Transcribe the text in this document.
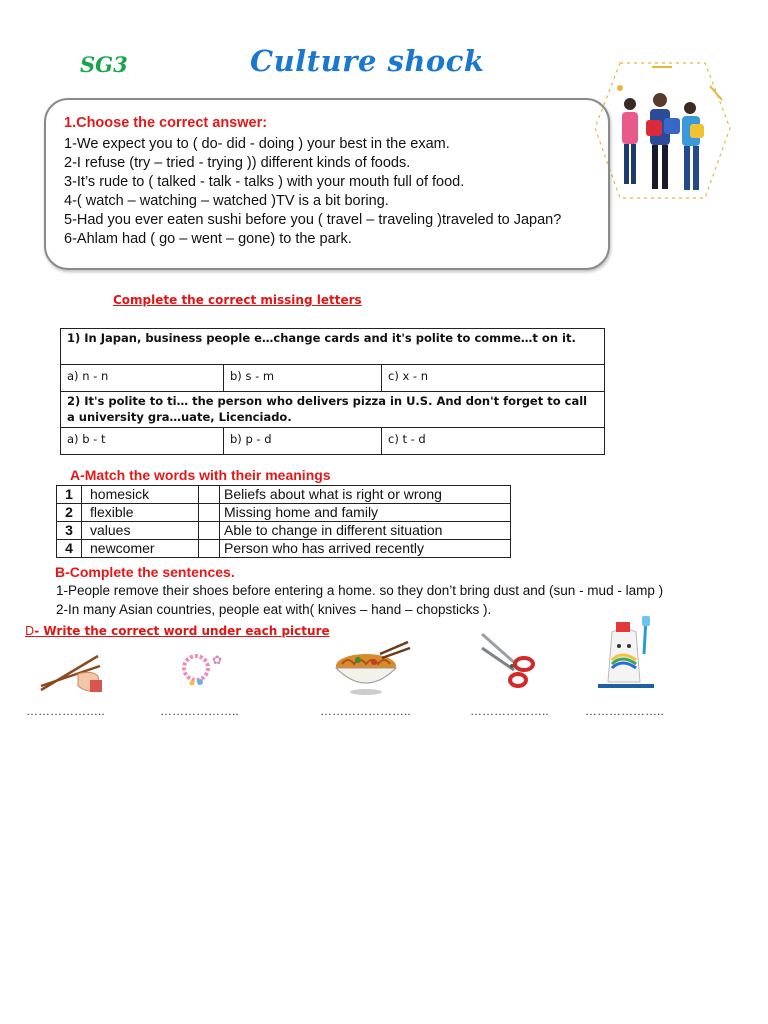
SG3	Culture shock
1.Choose the correct answer:
1-We expect you to ( do- did - doing ) your best in the exam.
2-I refuse (try – tried - trying )) different kinds of foods.
3-It’s rude to ( talked - talk - talks ) with your mouth full of food.
4-( watch – watching – watched )TV is a bit boring.
5-Had you ever eaten sushi before you ( travel – traveling )traveled to Japan?
6-Ahlam had ( go – went – gone) to the park.
Complete the correct missing letters
1) In Japan, business people e…change cards and it's polite to comme…t on it.		
a) n - n	b) s - m	c) x - n
2) It's polite to ti… the person who delivers pizza in U.S. And don't forget to call a university gra…uate, Licenciado.		
a) b - t	b) p - d	c) t - d
A-Match the words with their meanings
1	homesick		Beliefs about what is right or wrong
2	flexible		Missing home and family
3	values		Able to change in different situation
4	newcomer		Person who has arrived recently
B-Complete the sentences.
1-People remove their shoes before entering a home. so they don’t bring dust and (sun - mud - lamp )
2-In many Asian countries, people eat with( knives – hand – chopsticks ).
D- Write the correct word under each picture
✿
………………..	………………..	…………………..	………………..	………………..
